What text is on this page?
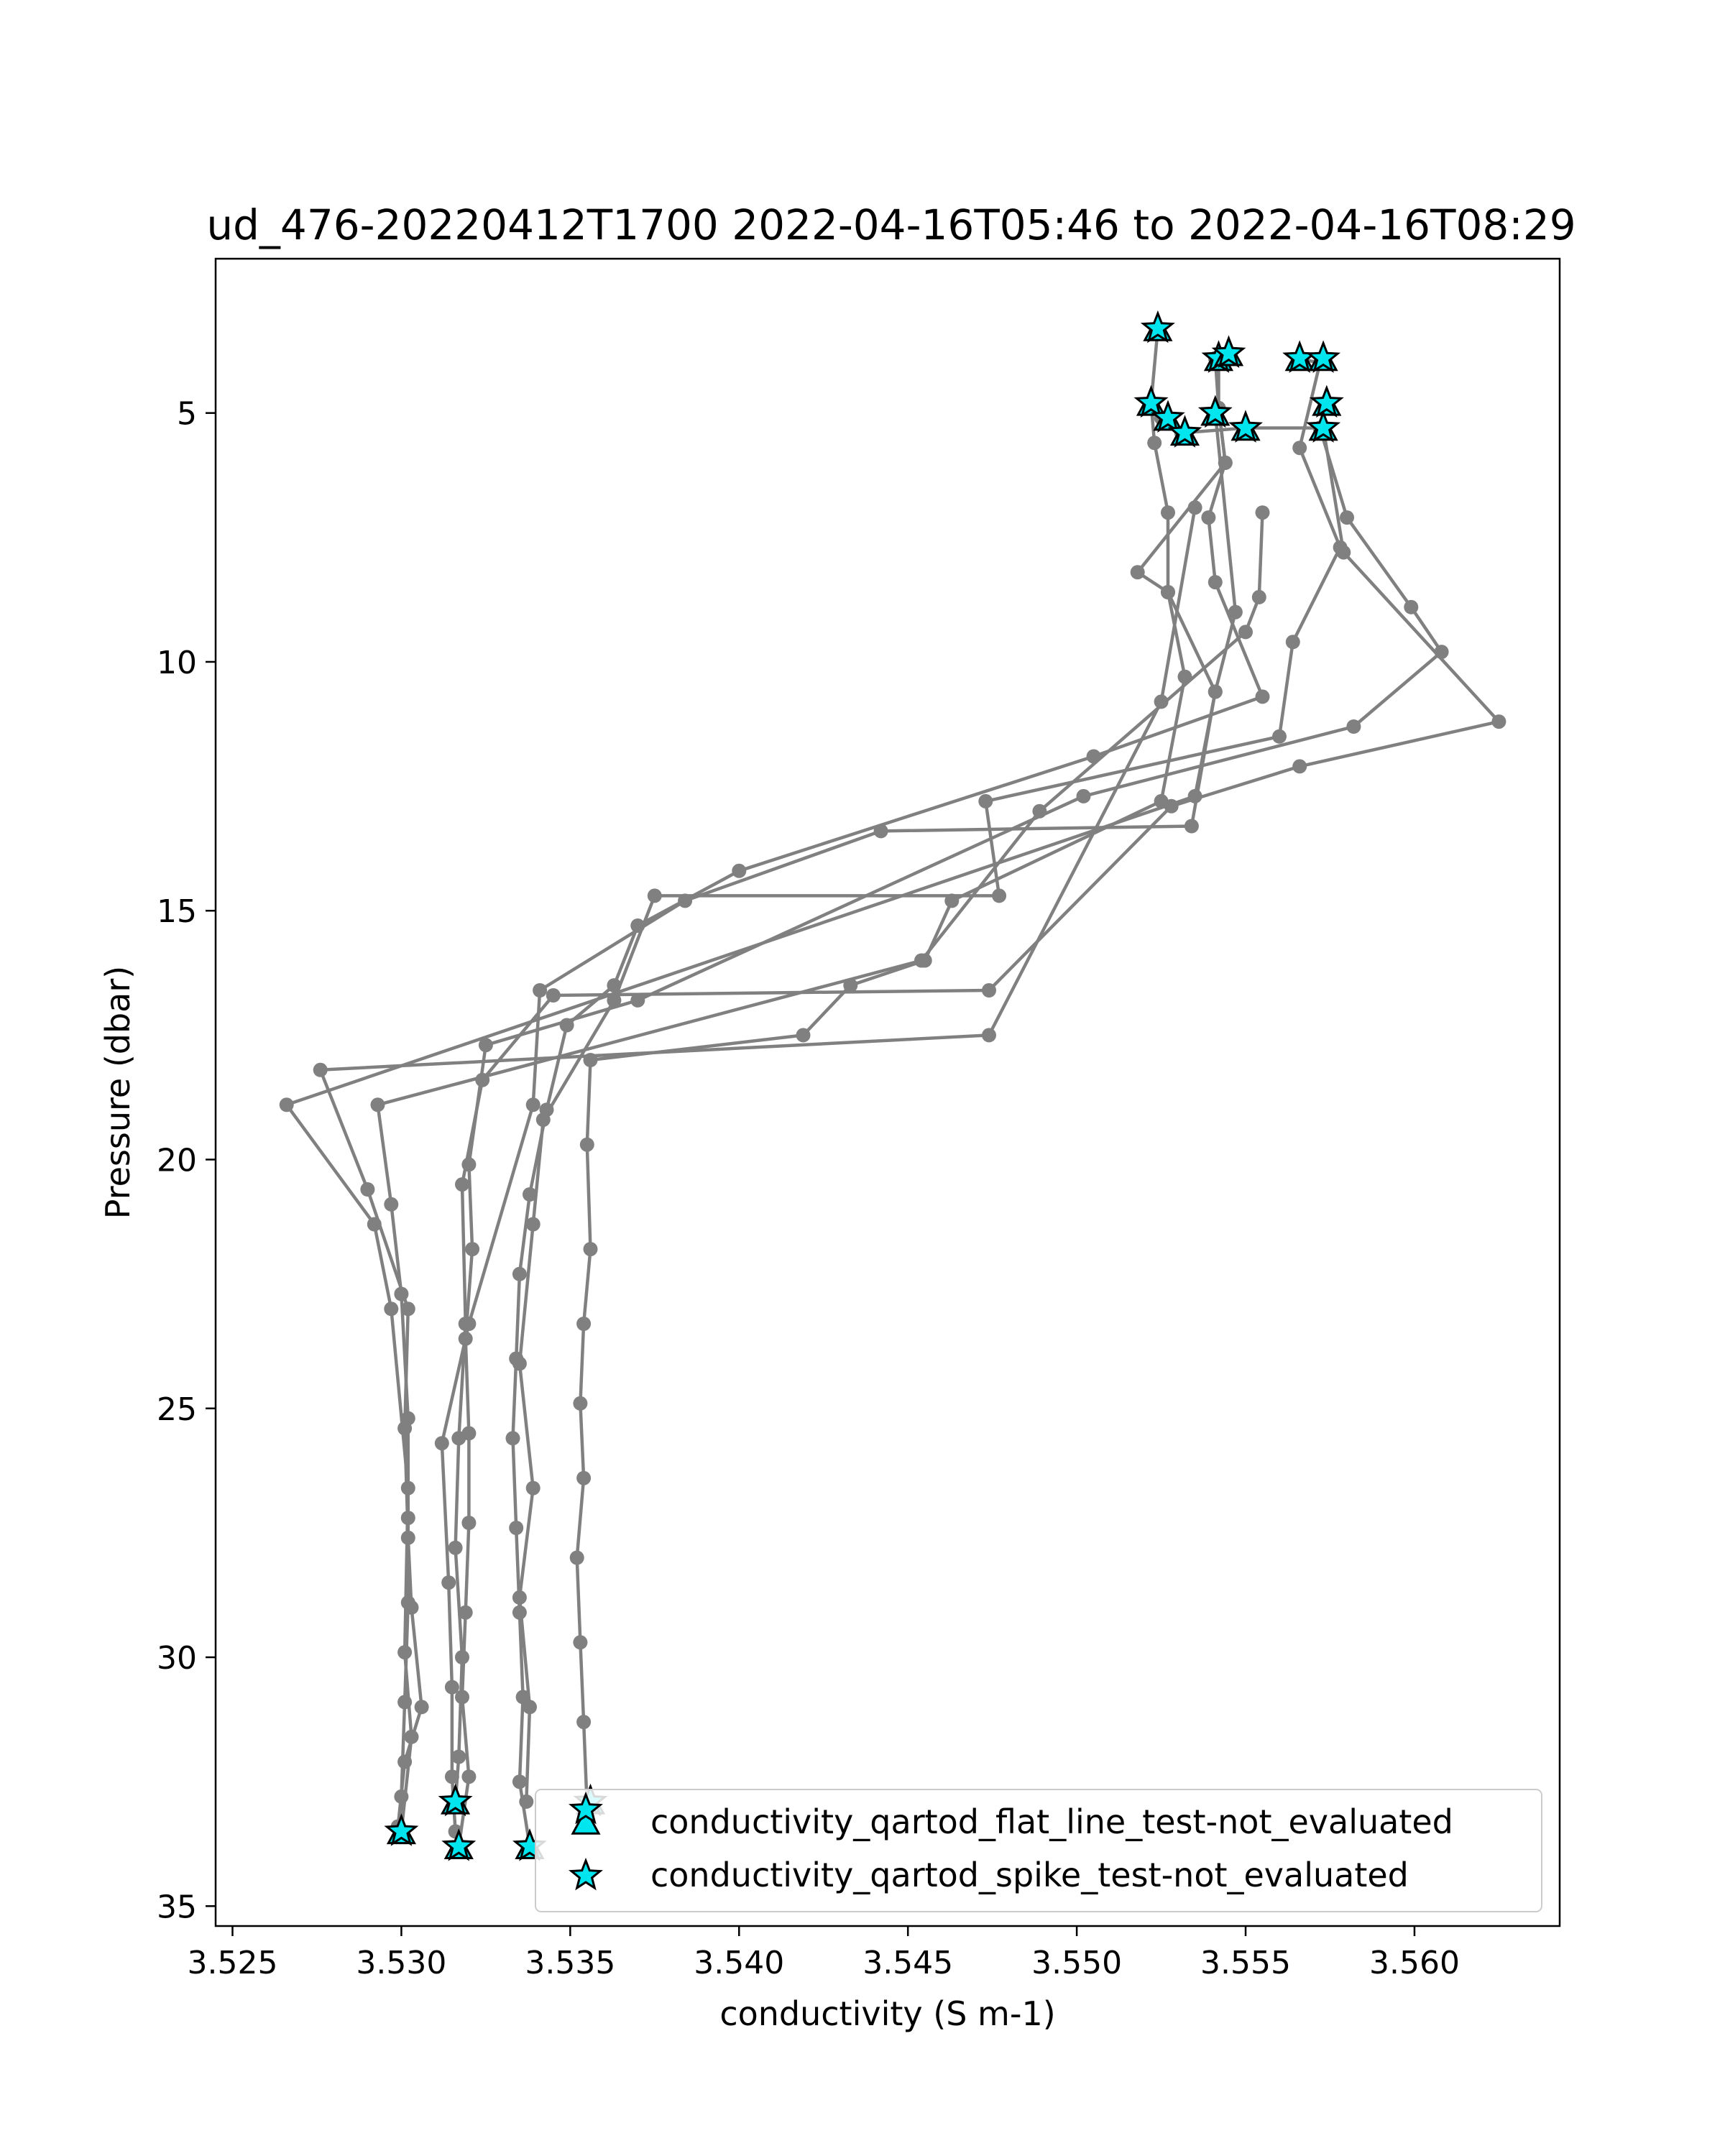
ud_476-20220412T1700 2022-04-16T05:46 to 2022-04-16T08:29
3.525 3.530 3.535 3.540 3.545 3.550 3.555 3.560
5
10
15
20
25
30
35
conductivity (S m-1)
Pressure (dbar)
conductivity_qartod_flat_line_test-not_evaluated
conductivity_qartod_spike_test-not_evaluated
